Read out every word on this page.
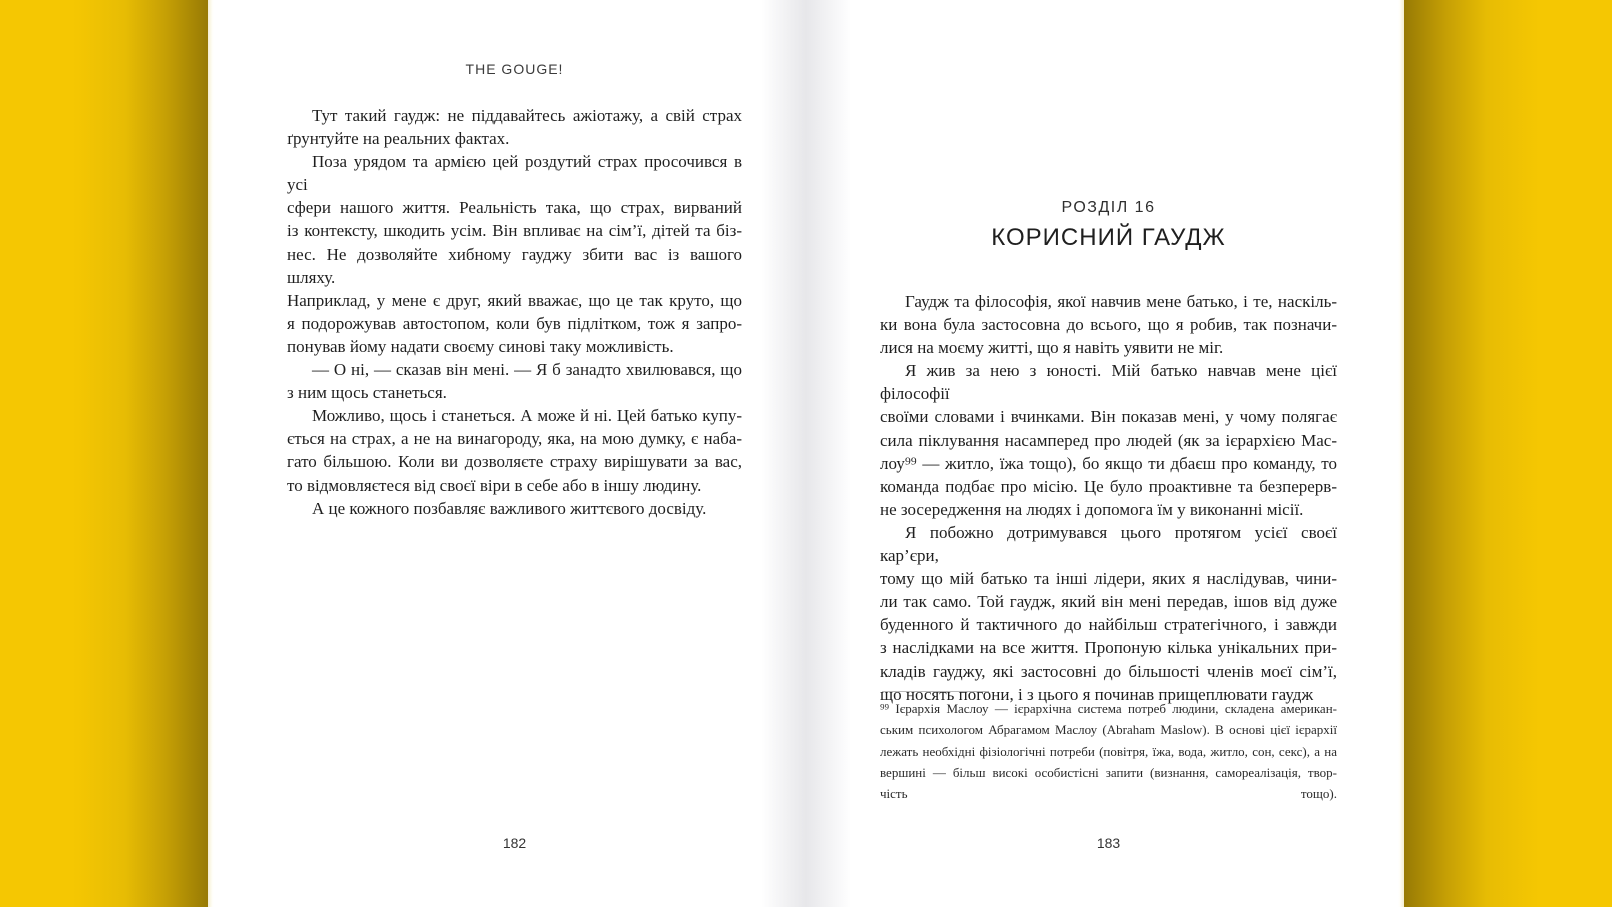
THE GOUGE!
Тут такий гаудж: не піддавайтесь ажіотажу, а свій страх
ґрунтуйте на реальних фактах.
Поза урядом та армією цей роздутий страх просочився в усі
сфери нашого життя. Реальність така, що страх, вирваний
із контексту, шкодить усім. Він впливає на сім’ї, дітей та біз-
нес. Не дозволяйте хибному гауджу збити вас із вашого шляху.
Наприклад, у мене є друг, який вважає, що це так круто, що
я подорожував автостопом, коли був підлітком, тож я запро-
понував йому надати своєму синові таку можливість.
— О ні, — сказав він мені. — Я б занадто хвилювався, що
з ним щось станеться.
Можливо, щось і станеться. А може й ні. Цей батько купу-
ється на страх, а не на винагороду, яка, на мою думку, є наба-
гато більшою. Коли ви дозволяєте страху вирішувати за вас,
то відмовляєтеся від своєї віри в себе або в іншу людину.
А це кожного позбавляє важливого життєвого досвіду.
182
РОЗДІЛ 16
КОРИСНИЙ ГАУДЖ
Гаудж та філософія, якої навчив мене батько, і те, наскіль-
ки вона була застосовна до всього, що я робив, так позначи-
лися на моєму житті, що я навіть уявити не міг.
Я жив за нею з юності. Мій батько навчав мене цієї філософії
своїми словами і вчинками. Він показав мені, у чому полягає
сила піклування насамперед про людей (як за ієрархією Мас-
лоу⁹⁹ — житло, їжа тощо), бо якщо ти дбаєш про команду, то
команда подбає про місію. Це було проактивне та безперерв-
не зосередження на людях і допомога їм у виконанні місії.
Я побожно дотримувався цього протягом усієї своєї кар’єри,
тому що мій батько та інші лідери, яких я наслідував, чини-
ли так само. Той гаудж, який він мені передав, ішов від дуже
буденного й тактичного до найбільш стратегічного, і завжди
з наслідками на все життя. Пропоную кілька унікальних при-
кладів гауджу, які застосовні до більшості членів моєї сім’ї,
що носять погони, і з цього я починав прищеплювати гаудж
⁹⁹ Ієрархія Маслоу — ієрархічна система потреб людини, складена американ-
ським психологом Абрагамом Маслоу (Abraham Maslow). В основі цієї ієрархії
лежать необхідні фізіологічні потреби (повітря, їжа, вода, житло, сон, секс), а на
вершині — більш високі особистісні запити (визнання, самореалізація, твор-
чість тощо).
183
